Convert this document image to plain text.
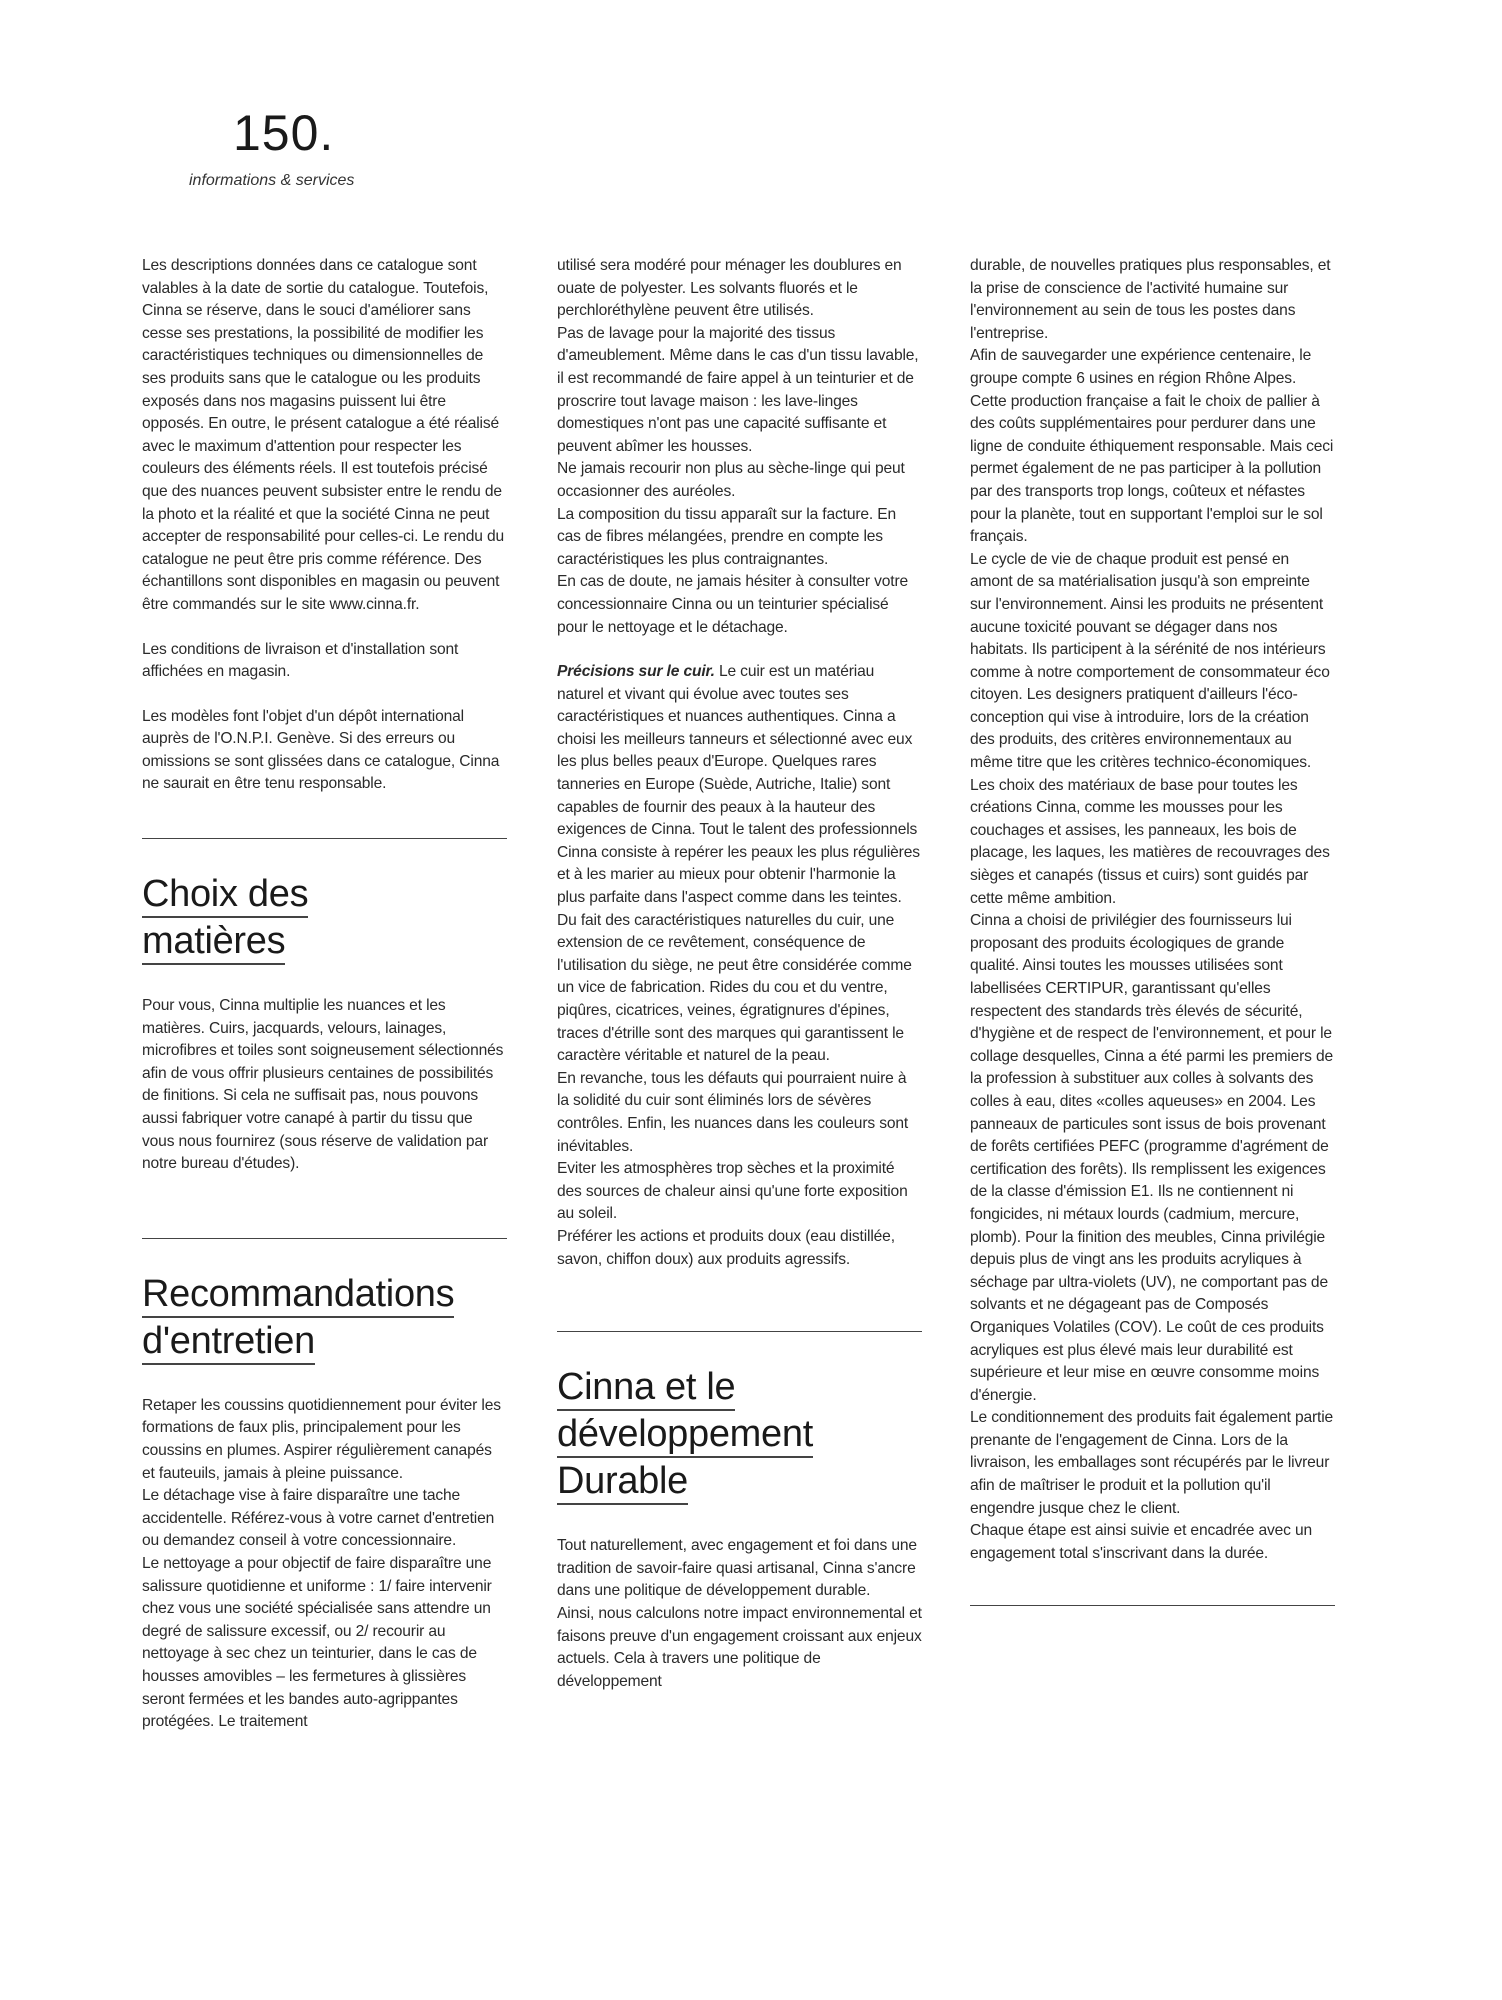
150.
informations & services

Les descriptions données dans ce catalogue sont valables à la date de sortie du catalogue. Toutefois, Cinna se réserve, dans le souci d'améliorer sans cesse ses prestations, la possibilité de modifier les caractéristiques techniques ou dimensionnelles de ses produits sans que le catalogue ou les produits exposés dans nos magasins puissent lui être opposés. En outre, le présent catalogue a été réalisé avec le maximum d'attention pour respecter les couleurs des éléments réels. Il est toutefois précisé que des nuances peuvent subsister entre le rendu de la photo et la réalité et que la société Cinna ne peut accepter de responsabilité pour celles-ci. Le rendu du catalogue ne peut être pris comme référence. Des échantillons sont disponibles en magasin ou peuvent être commandés sur le site www.cinna.fr.

Les conditions de livraison et d'installation sont affichées en magasin.

Les modèles font l'objet d'un dépôt international auprès de l'O.N.P.I. Genève. Si des erreurs ou omissions se sont glissées dans ce catalogue, Cinna ne saurait en être tenu responsable.

Choix des
matières

Pour vous, Cinna multiplie les nuances et les matières. Cuirs, jacquards, velours, lainages, microfibres et toiles sont soigneusement sélectionnés afin de vous offrir plusieurs centaines de possibilités de finitions. Si cela ne suffisait pas, nous pouvons aussi fabriquer votre canapé à partir du tissu que vous nous fournirez (sous réserve de validation par notre bureau d'études).

Recommandations
d'entretien

Retaper les coussins quotidiennement pour éviter les formations de faux plis, principalement pour les coussins en plumes. Aspirer régulièrement canapés et fauteuils, jamais à pleine puissance.

Le détachage vise à faire disparaître une tache accidentelle. Référez-vous à votre carnet d'entretien ou demandez conseil à votre concessionnaire.

Le nettoyage a pour objectif de faire disparaître une salissure quotidienne et uniforme : 1/ faire intervenir chez vous une société spécialisée sans attendre un degré de salissure excessif, ou 2/ recourir au nettoyage à sec chez un teinturier, dans le cas de housses amovibles – les fermetures à glissières seront fermées et les bandes auto-agrippantes protégées. Le traitement

utilisé sera modéré pour ménager les doublures en ouate de polyester. Les solvants fluorés et le perchloréthylène peuvent être utilisés.

Pas de lavage pour la majorité des tissus d'ameublement. Même dans le cas d'un tissu lavable, il est recommandé de faire appel à un teinturier et de proscrire tout lavage maison : les lave-linges domestiques n'ont pas une capacité suffisante et peuvent abîmer les housses.

Ne jamais recourir non plus au sèche-linge qui peut occasionner des auréoles.

La composition du tissu apparaît sur la facture. En cas de fibres mélangées, prendre en compte les caractéristiques les plus contraignantes.

En cas de doute, ne jamais hésiter à consulter votre concessionnaire Cinna ou un teinturier spécialisé pour le nettoyage et le détachage.

Précisions sur le cuir. Le cuir est un matériau naturel et vivant qui évolue avec toutes ses caractéristiques et nuances authentiques. Cinna a choisi les meilleurs tanneurs et sélectionné avec eux les plus belles peaux d'Europe. Quelques rares tanneries en Europe (Suède, Autriche, Italie) sont capables de fournir des peaux à la hauteur des exigences de Cinna. Tout le talent des professionnels Cinna consiste à repérer les peaux les plus régulières et à les marier au mieux pour obtenir l'harmonie la plus parfaite dans l'aspect comme dans les teintes.

Du fait des caractéristiques naturelles du cuir, une extension de ce revêtement, conséquence de l'utilisation du siège, ne peut être considérée comme un vice de fabrication. Rides du cou et du ventre, piqûres, cicatrices, veines, égratignures d'épines, traces d'étrille sont des marques qui garantissent le caractère véritable et naturel de la peau.

En revanche, tous les défauts qui pourraient nuire à la solidité du cuir sont éliminés lors de sévères contrôles. Enfin, les nuances dans les couleurs sont inévitables.

Eviter les atmosphères trop sèches et la proximité des sources de chaleur ainsi qu'une forte exposition au soleil.

Préférer les actions et produits doux (eau distillée, savon, chiffon doux) aux produits agressifs.

Cinna et le
développement
Durable

Tout naturellement, avec engagement et foi dans une tradition de savoir-faire quasi artisanal, Cinna s'ancre dans une politique de développement durable.

Ainsi, nous calculons notre impact environnemental et faisons preuve d'un engagement croissant aux enjeux actuels. Cela à travers une politique de développement

durable, de nouvelles pratiques plus responsables, et la prise de conscience de l'activité humaine sur l'environnement au sein de tous les postes dans l'entreprise.

Afin de sauvegarder une expérience centenaire, le groupe compte 6 usines en région Rhône Alpes. Cette production française a fait le choix de pallier à des coûts supplémentaires pour perdurer dans une ligne de conduite éthiquement responsable. Mais ceci permet également de ne pas participer à la pollution par des transports trop longs, coûteux et néfastes pour la planète, tout en supportant l'emploi sur le sol français.

Le cycle de vie de chaque produit est pensé en amont de sa matérialisation jusqu'à son empreinte sur l'environnement. Ainsi les produits ne présentent aucune toxicité pouvant se dégager dans nos habitats. Ils participent à la sérénité de nos intérieurs comme à notre comportement de consommateur éco citoyen. Les designers pratiquent d'ailleurs l'éco-conception qui vise à introduire, lors de la création des produits, des critères environnementaux au même titre que les critères technico-économiques.

Les choix des matériaux de base pour toutes les créations Cinna, comme les mousses pour les couchages et assises, les panneaux, les bois de placage, les laques, les matières de recouvrages des sièges et canapés (tissus et cuirs) sont guidés par cette même ambition.

Cinna a choisi de privilégier des fournisseurs lui proposant des produits écologiques de grande qualité. Ainsi toutes les mousses utilisées sont labellisées CERTIPUR, garantissant qu'elles respectent des standards très élevés de sécurité, d'hygiène et de respect de l'environnement, et pour le collage desquelles, Cinna a été parmi les premiers de la profession à substituer aux colles à solvants des colles à eau, dites «colles aqueuses» en 2004. Les panneaux de particules sont issus de bois provenant de forêts certifiées PEFC (programme d'agrément de certification des forêts). Ils remplissent les exigences de la classe d'émission E1. Ils ne contiennent ni fongicides, ni métaux lourds (cadmium, mercure, plomb). Pour la finition des meubles, Cinna privilégie depuis plus de vingt ans les produits acryliques à séchage par ultra-violets (UV), ne comportant pas de solvants et ne dégageant pas de Composés Organiques Volatiles (COV). Le coût de ces produits acryliques est plus élevé mais leur durabilité est supérieure et leur mise en œuvre consomme moins d'énergie.

Le conditionnement des produits fait également partie prenante de l'engagement de Cinna. Lors de la livraison, les emballages sont récupérés par le livreur afin de maîtriser le produit et la pollution qu'il engendre jusque chez le client.

Chaque étape est ainsi suivie et encadrée avec un engagement total s'inscrivant dans la durée.
